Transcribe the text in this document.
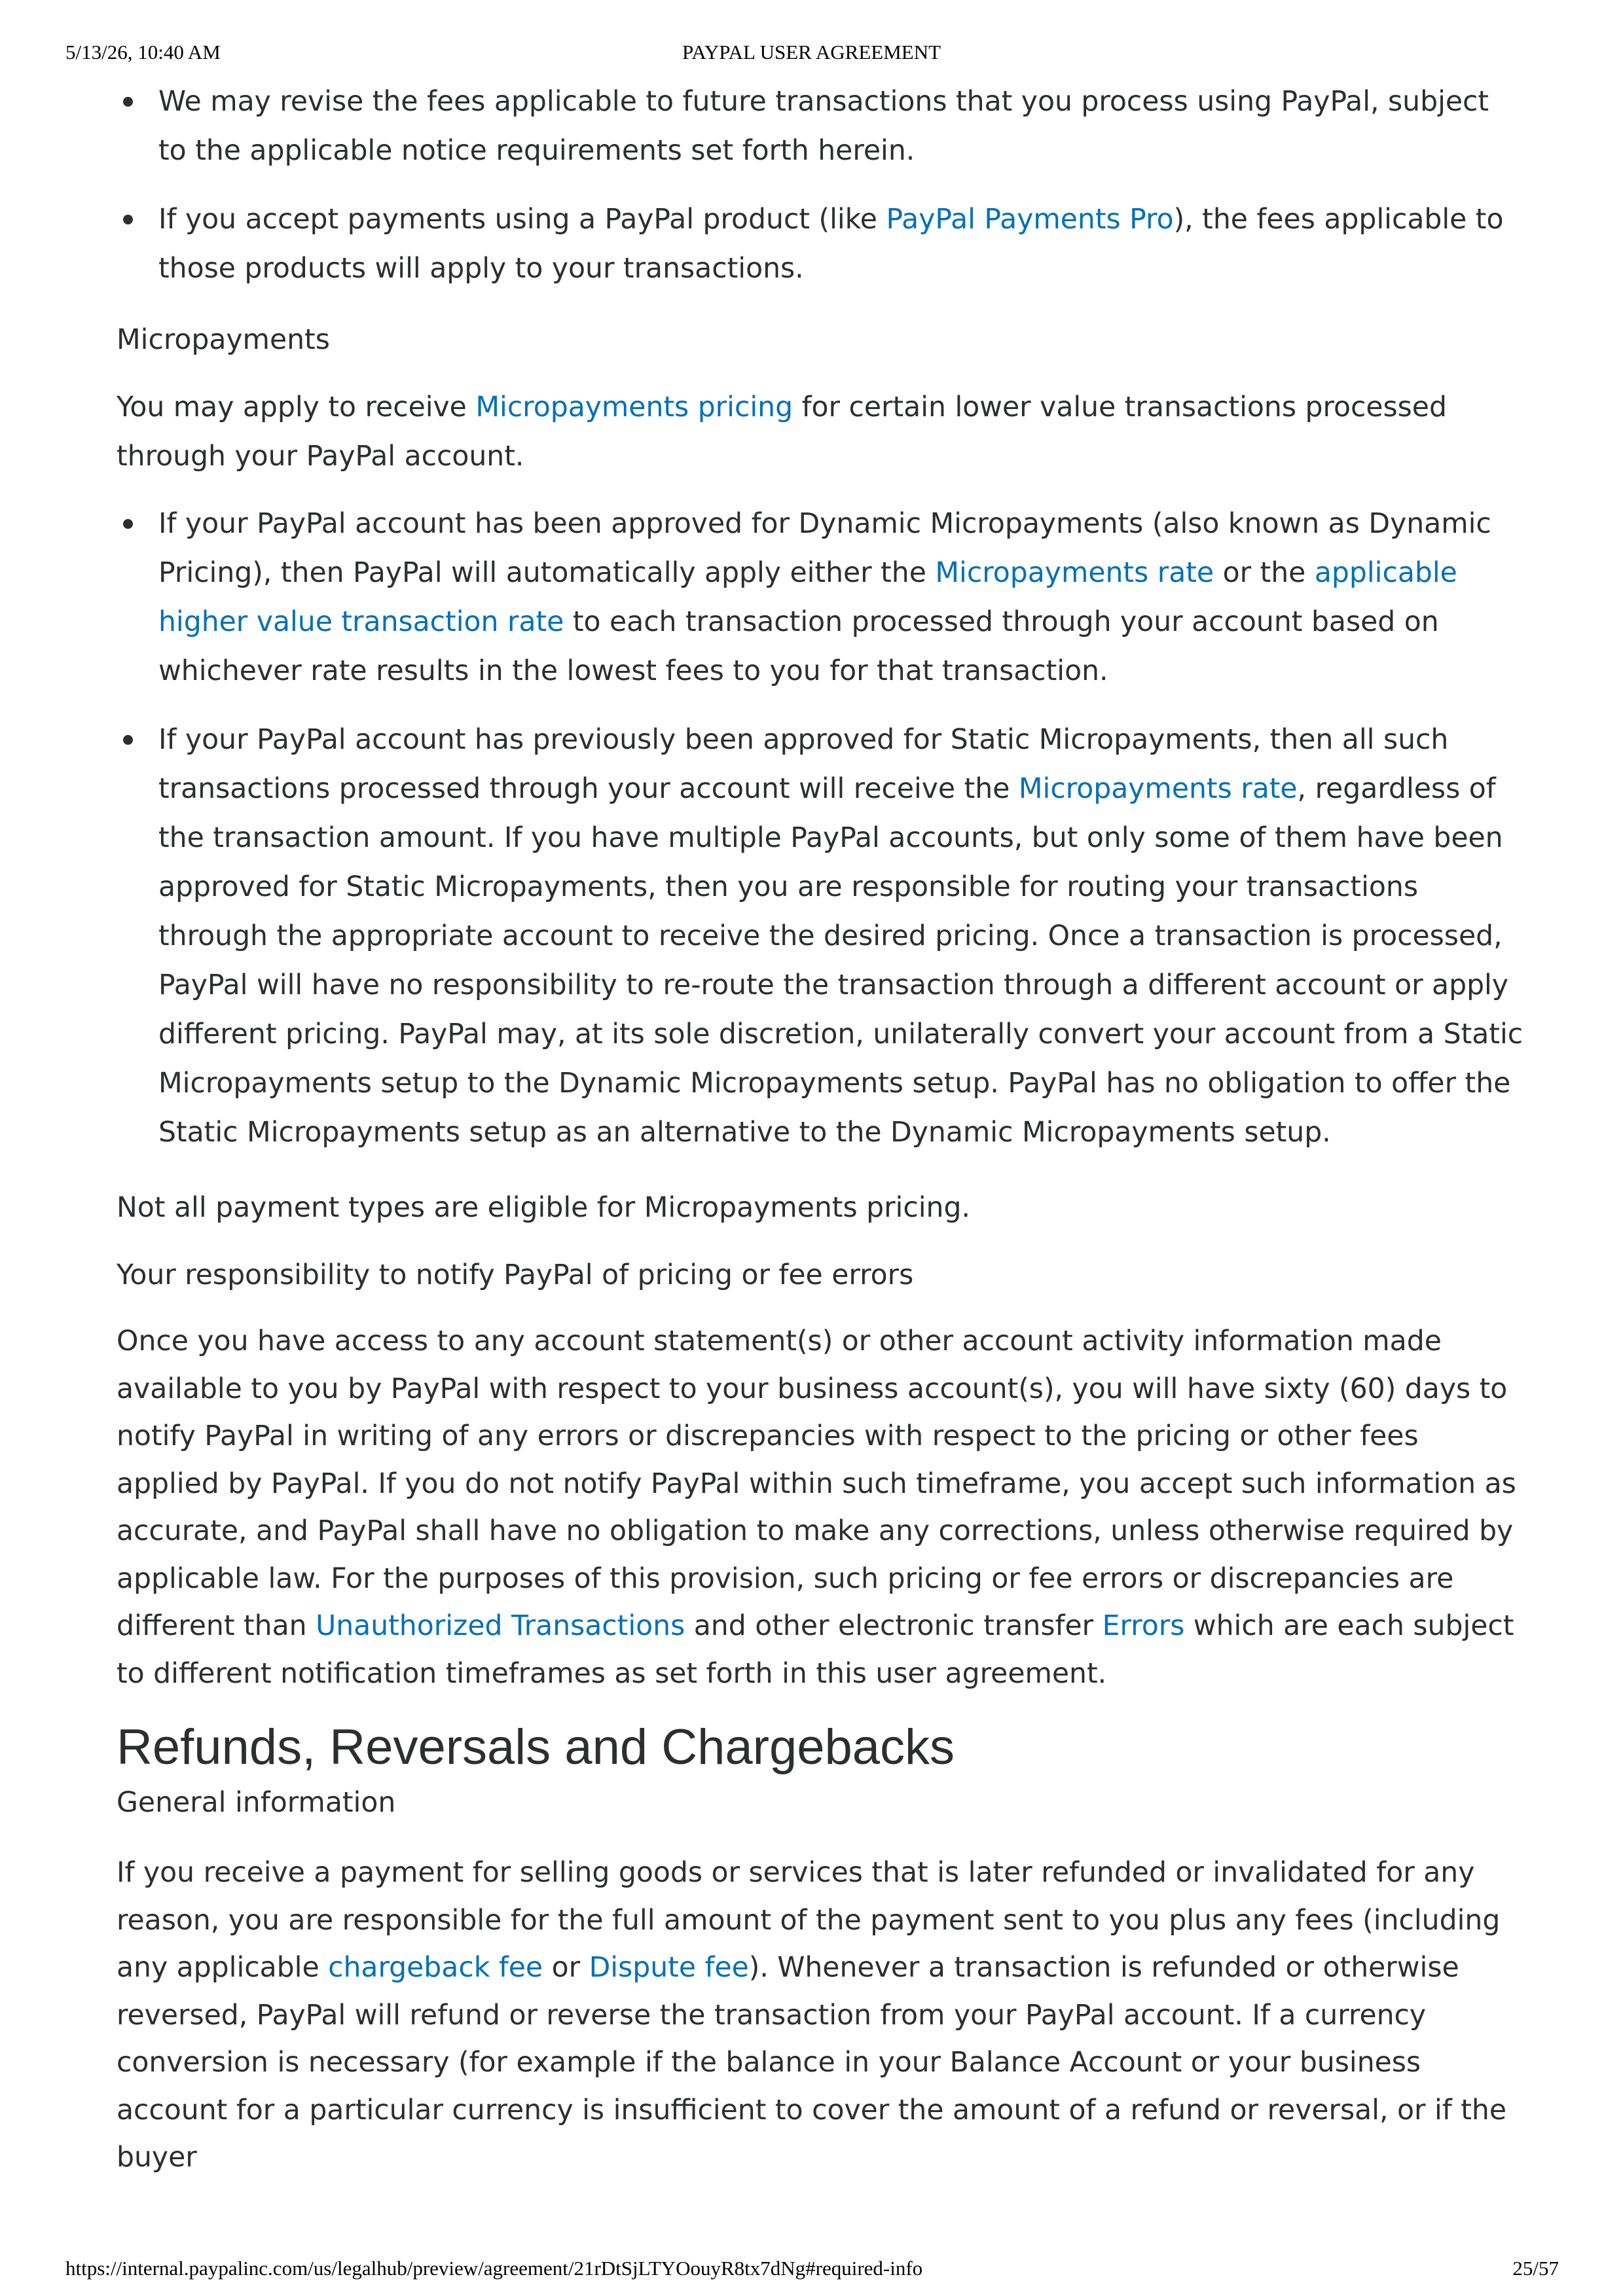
5/13/26, 10:40 AM	PAYPAL USER AGREEMENT
We may revise the fees applicable to future transactions that you process using PayPal, subject to the applicable notice requirements set forth herein.
If you accept payments using a PayPal product (like PayPal Payments Pro), the fees applicable to those products will apply to your transactions.

Micropayments

You may apply to receive Micropayments pricing for certain lower value transactions processed through your PayPal account.

If your PayPal account has been approved for Dynamic Micropayments (also known as Dynamic Pricing), then PayPal will automatically apply either the Micropayments rate or the applicable higher value transaction rate to each transaction processed through your account based on whichever rate results in the lowest fees to you for that transaction.
If your PayPal account has previously been approved for Static Micropayments, then all such transactions processed through your account will receive the Micropayments rate, regardless of the transaction amount. If you have multiple PayPal accounts, but only some of them have been approved for Static Micropayments, then you are responsible for routing your transactions through the appropriate account to receive the desired pricing. Once a transaction is processed, PayPal will have no responsibility to re-route the transaction through a different account or apply different pricing. PayPal may, at its sole discretion, unilaterally convert your account from a Static Micropayments setup to the Dynamic Micropayments setup. PayPal has no obligation to offer the Static Micropayments setup as an alternative to the Dynamic Micropayments setup.

Not all payment types are eligible for Micropayments pricing.

Your responsibility to notify PayPal of pricing or fee errors

Once you have access to any account statement(s) or other account activity information made available to you by PayPal with respect to your business account(s), you will have sixty (60) days to notify PayPal in writing of any errors or discrepancies with respect to the pricing or other fees applied by PayPal. If you do not notify PayPal within such timeframe, you accept such information as accurate, and PayPal shall have no obligation to make any corrections, unless otherwise required by applicable law. For the purposes of this provision, such pricing or fee errors or discrepancies are different than Unauthorized Transactions and other electronic transfer Errors which are each subject to different notification timeframes as set forth in this user agreement.

Refunds, Reversals and Chargebacks

General information

If you receive a payment for selling goods or services that is later refunded or invalidated for any reason, you are responsible for the full amount of the payment sent to you plus any fees (including any applicable chargeback fee or Dispute fee). Whenever a transaction is refunded or otherwise reversed, PayPal will refund or reverse the transaction from your PayPal account. If a currency conversion is necessary (for example if the balance in your Balance Account or your business account for a particular currency is insufficient to cover the amount of a refund or reversal, or if the buyer

https://internal.paypalinc.com/us/legalhub/preview/agreement/21rDtSjLTYOouyR8tx7dNg#required-info	25/57
